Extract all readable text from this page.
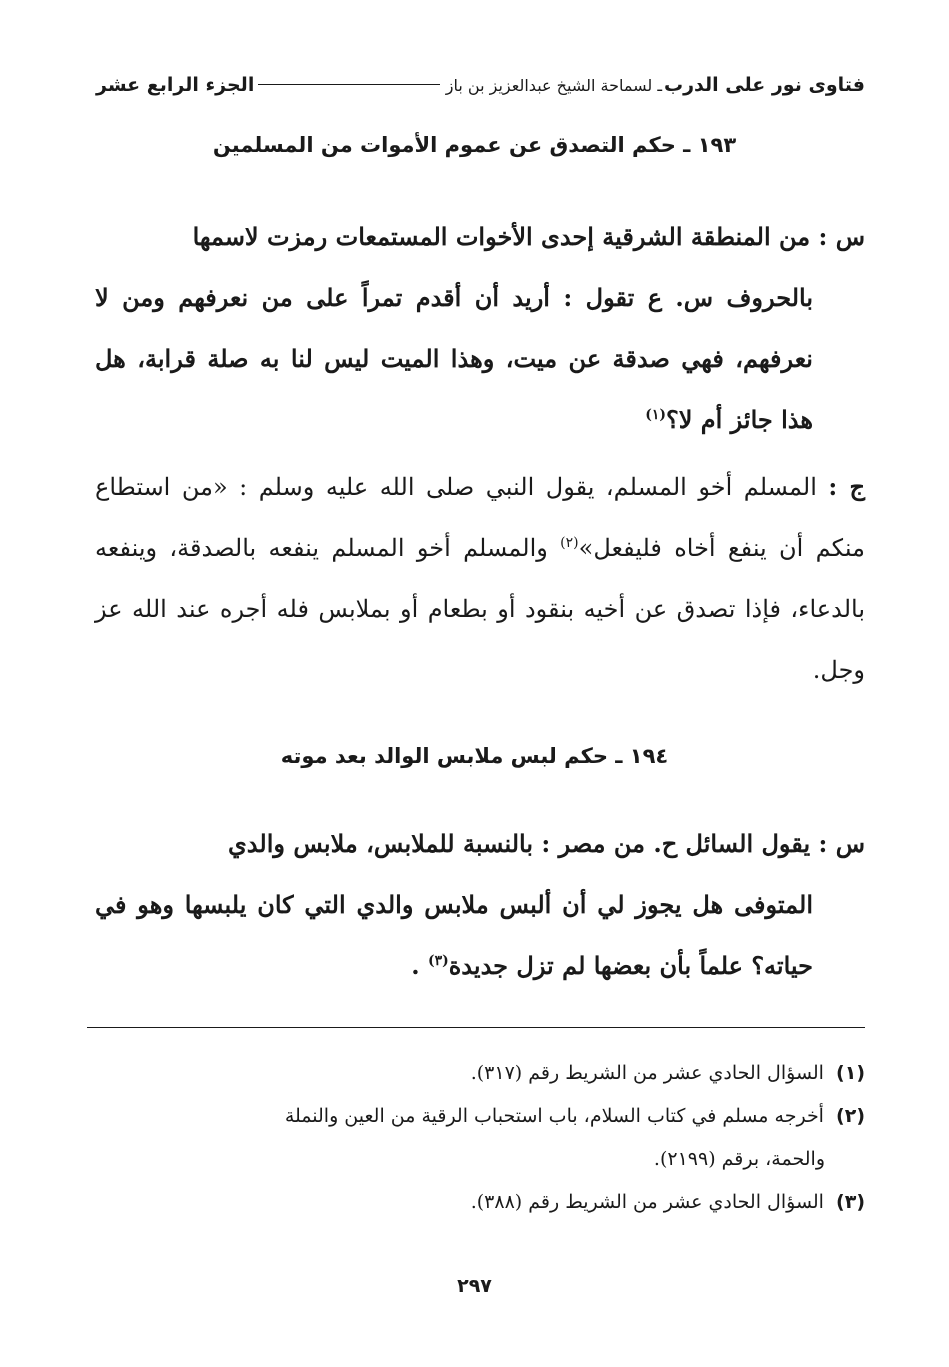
فتاوى نور على الدرب
ـ لسماحة الشيخ عبدالعزيز بن باز
الجزء الرابع عشر
١٩٣ ـ حكم التصدق عن عموم الأموات من المسلمين
س : من المنطقة الشرقية إحدى الأخوات المستمعات رمزت لاسمها
بالحروف س. ع تقول : أريد أن أقدم تمراً على من نعرفهم ومن لا نعرفهم، فهي صدقة عن ميت، وهذا الميت ليس لنا به صلة قرابة، هل هذا جائز أم لا؟$^{(١)}$
ج : المسلم أخو المسلم، يقول النبي صلى الله عليه وسلم : «من استطاع منكم أن ينفع أخاه فليفعل»$^{(٢)}$ والمسلم أخو المسلم ينفعه بالصدقة، وينفعه بالدعاء، فإذا تصدق عن أخيه بنقود أو بطعام أو بملابس فله أجره عند الله عز وجل.
١٩٤ ـ حكم لبس ملابس الوالد بعد موته
س : يقول السائل ح. من مصر : بالنسبة للملابس، ملابس والدي
المتوفى هل يجوز لي أن ألبس ملابس والدي التي كان يلبسها وهو في حياته؟ علماً بأن بعضها لم تزل جديدة$^{(٣)}$ .
(١) السؤال الحادي عشر من الشريط رقم (٣١٧).
(٢) أخرجه مسلم في كتاب السلام، باب استحباب الرقية من العين والنملة
والحمة، برقم (٢١٩٩).
(٣) السؤال الحادي عشر من الشريط رقم (٣٨٨).
٢٩٧
